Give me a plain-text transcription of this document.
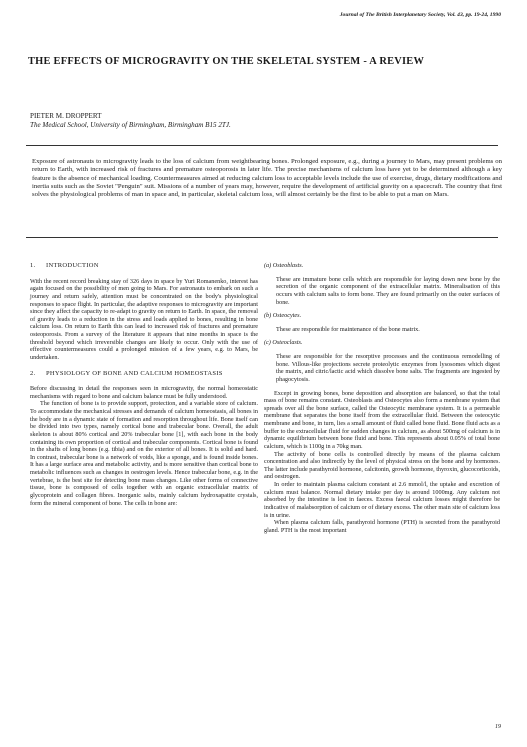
Journal of The British Interplanetary Society, Vol. 43, pp. 19-24, 1990
THE EFFECTS OF MICROGRAVITY ON THE SKELETAL SYSTEM - A REVIEW
PIETER M. DROPPERT
The Medical School, University of Birmingham, Birmingham B15 2TJ.

Exposure of astronauts to microgravity leads to the loss of calcium from weightbearing bones. Prolonged exposure, e.g., during a journey to Mars, may present problems on return to Earth, with increased risk of fractures and premature osteoporosis in later life. The precise mechanisms of calcium loss have yet to be determined although a key feature is the absence of mechanical loading. Countermeasures aimed at reducing calcium loss to acceptable levels include the use of exercise, drugs, dietary modifications and inertia suits such as the Soviet "Penguin" suit. Missions of a number of years may, however, require the development of artificial gravity on a spacecraft. The country that first solves the physiological problems of man in space and, in particular, skeletal calcium loss, will almost certainly be the first to be able to put a man on Mars.

1.	INTRODUCTION

With the recent record breaking stay of 326 days in space by Yuri Romanenko, interest has again focused on the possibility of men going to Mars. For astronauts to embark on such a journey and return safely, attention must be concentrated on the body's physiological responses to space flight. In particular, the adaptive responses to microgravity are important since they affect the capacity to re-adapt to gravity on return to Earth. In space, the removal of gravity leads to a reduction in the stress and loads applied to bones, resulting in bone calcium loss. On return to Earth this can lead to increased risk of fractures and premature osteoporosis. From a survey of the literature it appears that nine months in space is the threshold beyond which irreversible changes are likely to occur. Only with the use of effective countermeasures could a prolonged mission of a few years, e.g. to Mars, be undertaken.

2.	PHYSIOLOGY OF BONE AND CALCIUM HOMEOSTASIS

Before discussing in detail the responses seen in microgravity, the normal homeostatic mechanisms with regard to bone and calcium balance must be fully understood.

The function of bone is to provide support, protection, and a variable store of calcium. To accommodate the mechanical stresses and demands of calcium homeostasis, all bones in the body are in a dynamic state of formation and resorption throughout life. Bone itself can be divided into two types, namely cortical bone and trabecular bone. Overall, the adult skeleton is about 80% cortical and 20% trabecular bone [1], with each bone in the body containing its own proportion of cortical and trabecular components. Cortical bone is found in the shafts of long bones (e.g. tibia) and on the exterior of all bones. It is solid and hard. In contrast, trabecular bone is a network of voids, like a sponge, and is found inside bones. It has a large surface area and metabolic activity, and is more sensitive than cortical bone to metabolic influences such as changes in oestrogen levels. Hence trabecular bone, e.g. in the vertebrae, is the best site for detecting bone mass changes. Like other forms of connective tissue, bone is composed of cells together with an organic extracellular matrix of glycoprotein and collagen fibres. Inorganic salts, mainly calcium hydroxapatite crystals, form the mineral component of bone. The cells in bone are:

(a) Osteoblasts.

These are immature bone cells which are responsible for laying down new bone by the secretion of the organic component of the extracellular matrix. Mineralisation of this occurs with calcium salts to form bone. They are found primarily on the outer surfaces of bone.

(b) Osteocytes.

These are responsible for maintenance of the bone matrix.

(c) Osteoclasts.

These are responsible for the resorptive processes and the continuous remodelling of bone. Villous-like projections secrete proteolytic enzymes from lysosomes which digest the matrix, and citric/lactic acid which dissolve bone salts. The fragments are ingested by phagocytosis.

Except in growing bones, bone deposition and absorption are balanced, so that the total mass of bone remains constant. Osteoblasts and Osteocytes also form a membrane system that spreads over all the bone surface, called the Osteocytic membrane system. It is a permeable membrane that separates the bone itself from the extracellular fluid. Between the osteocytic membrane and bone, in turn, lies a small amount of fluid called bone fluid. Bone fluid acts as a buffer to the extracellular fluid for sudden changes in calcium, as about 500mg of calcium is in dynamic equilibrium between bone fluid and bone. This represents about 0.05% of total bone calcium, which is 1100g in a 70kg man.

The activity of bone cells is controlled directly by means of the plasma calcium concentration and also indirectly by the level of physical stress on the bone and by hormones. The latter include parathyroid hormone, calcitonin, growth hormone, thyroxin, glucocorticoids, and oestrogen.

In order to maintain plasma calcium constant at 2.6 mmol/l, the uptake and excretion of calcium must balance. Normal dietary intake per day is around 1000mg. Any calcium not absorbed by the intestine is lost in faeces. Excess faecal calcium losses might therefore be indicative of malabsorption of calcium or of dietary excess. The other main site of calcium loss is in urine.

When plasma calcium falls, parathyroid hormone (PTH) is secreted from the parathyroid gland. PTH is the most important

19
